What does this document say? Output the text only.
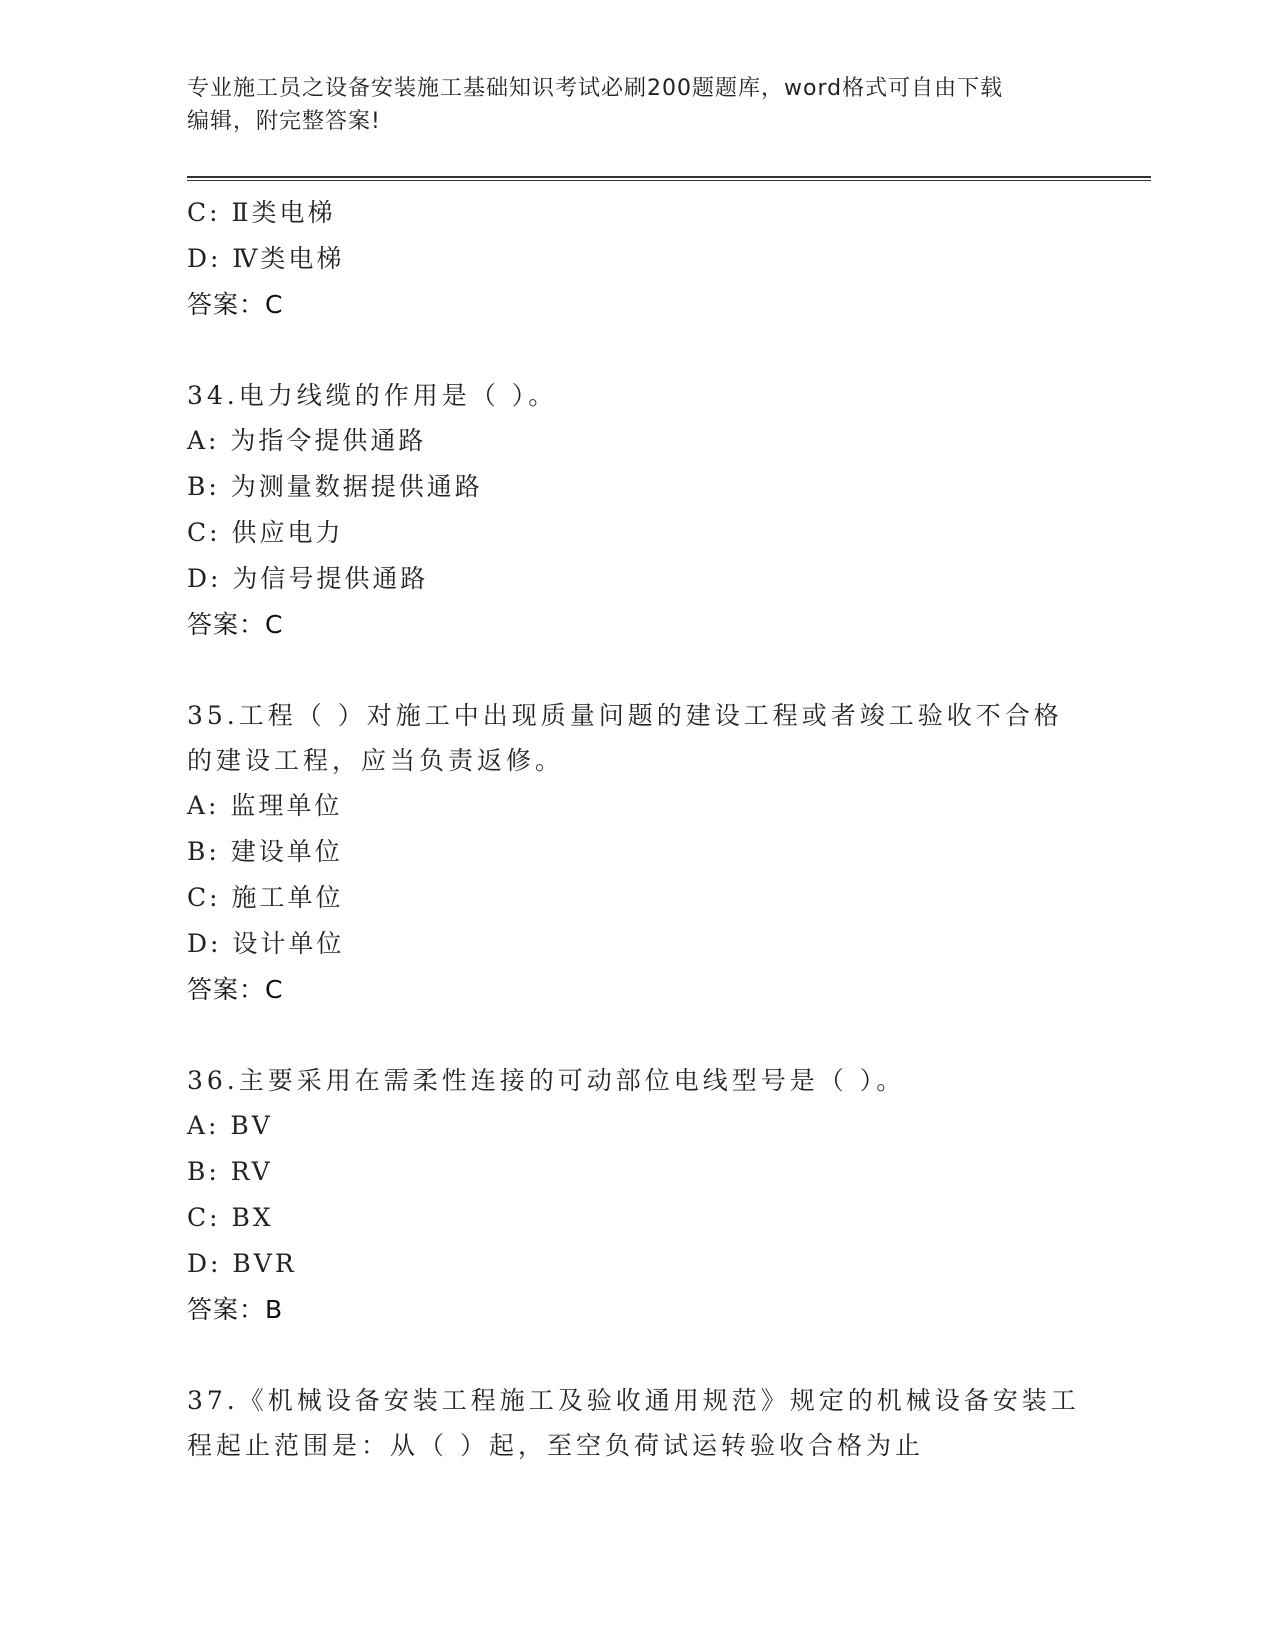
专业施工员之设备安装施工基础知识考试必刷200题题库，word格式可自由下载
编辑，附完整答案!
C: Ⅱ类电梯
D: Ⅳ类电梯
答案：C
34.电力线缆的作用是（ ）。
A: 为指令提供通路
B: 为测量数据提供通路
C: 供应电力
D: 为信号提供通路
答案：C
35.工程（ ）对施工中出现质量问题的建设工程或者竣工验收不合格
的建设工程，应当负责返修。
A: 监理单位
B: 建设单位
C: 施工单位
D: 设计单位
答案：C
36.主要采用在需柔性连接的可动部位电线型号是（ ）。
A: BV
B: RV
C: BX
D: BVR
答案：B
37.《机械设备安装工程施工及验收通用规范》规定的机械设备安装工
程起止范围是：从（ ）起，至空负荷试运转验收合格为止
